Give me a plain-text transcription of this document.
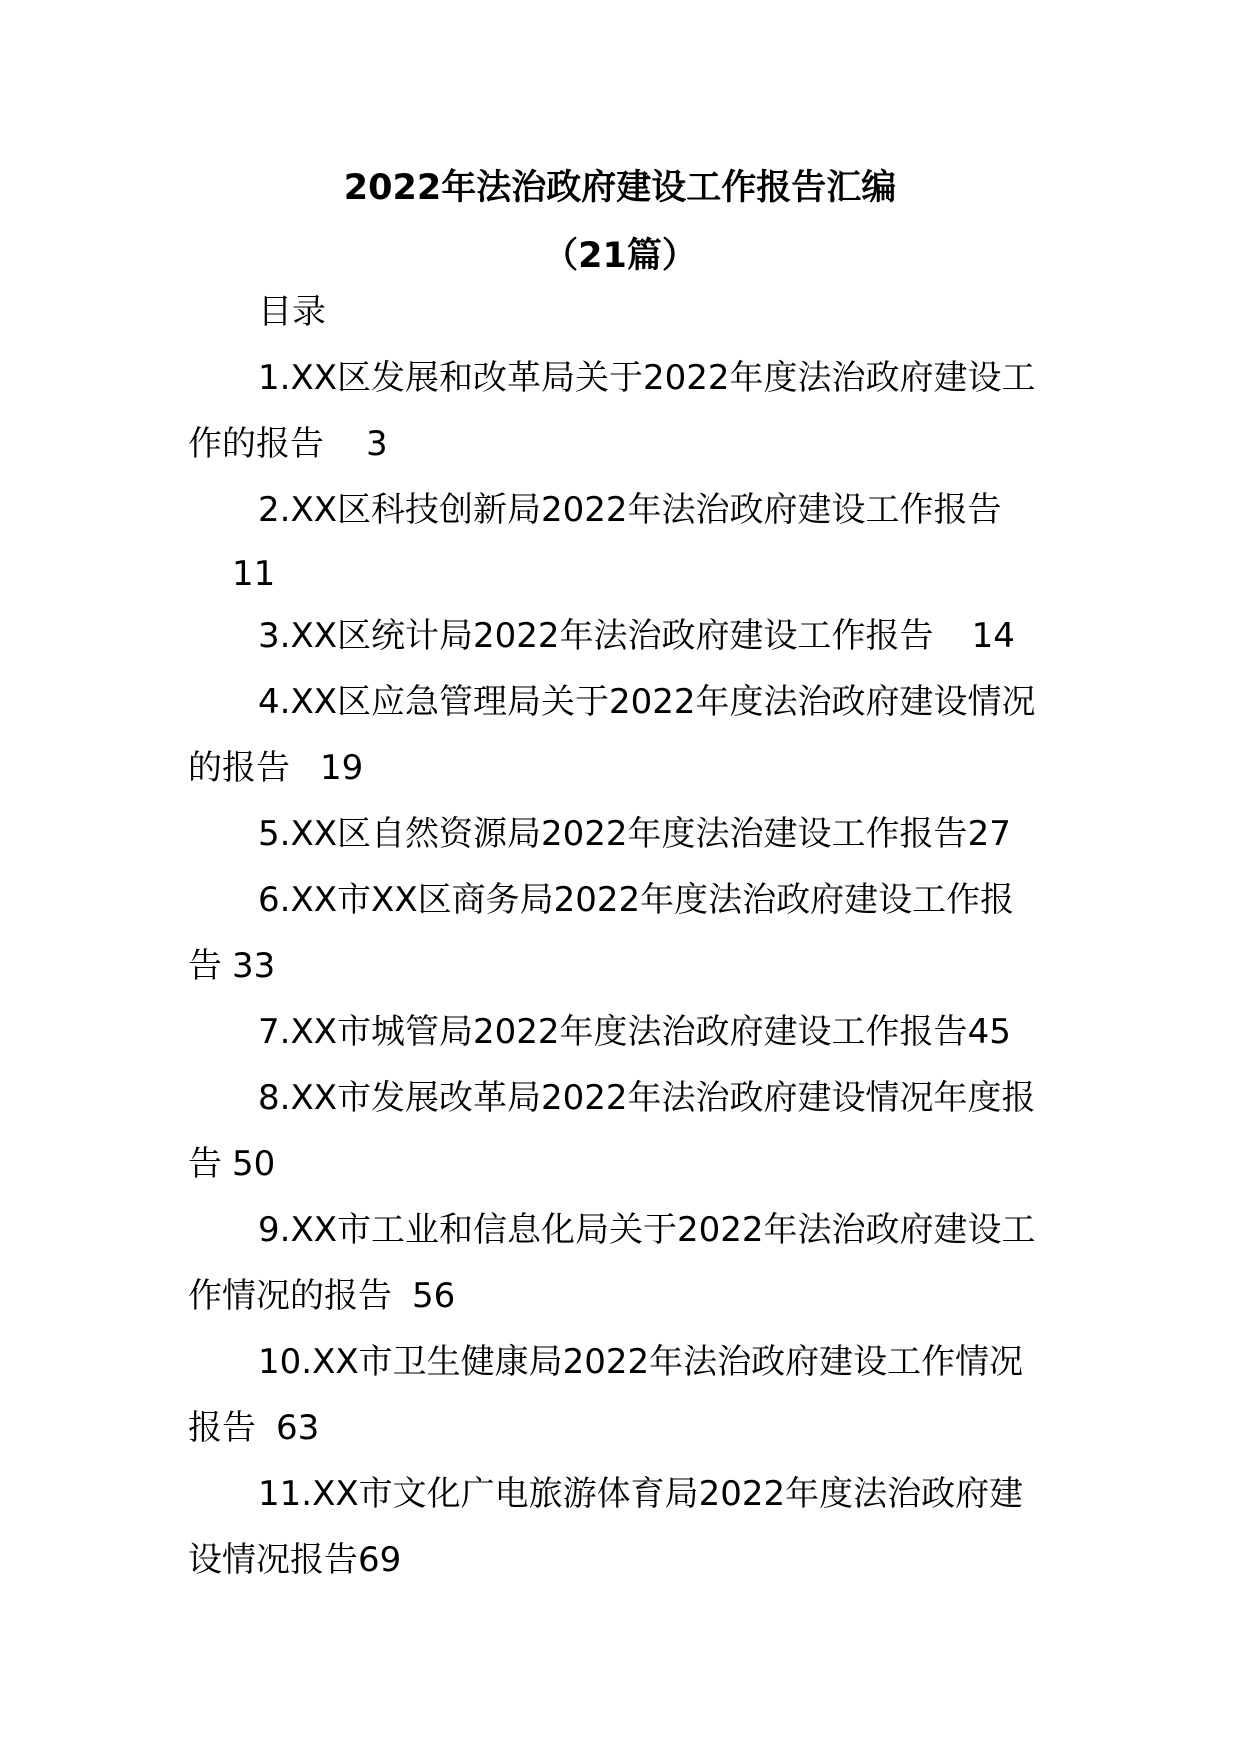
2022年法治政府建设工作报告汇编
（21篇）
目录
1.XX区发展和改革局关于2022年度法治政府建设工
作的报告 3
2.XX区科技创新局2022年法治政府建设工作报告
11
3.XX区统计局2022年法治政府建设工作报告 14
4.XX区应急管理局关于2022年度法治政府建设情况
的报告 19
5.XX区自然资源局2022年度法治建设工作报告27
6.XX市XX区商务局2022年度法治政府建设工作报
告 33
7.XX市城管局2022年度法治政府建设工作报告45
8.XX市发展改革局2022年法治政府建设情况年度报
告 50
9.XX市工业和信息化局关于2022年法治政府建设工
作情况的报告 56
10.XX市卫生健康局2022年法治政府建设工作情况
报告 63
11.XX市文化广电旅游体育局2022年度法治政府建
设情况报告69
